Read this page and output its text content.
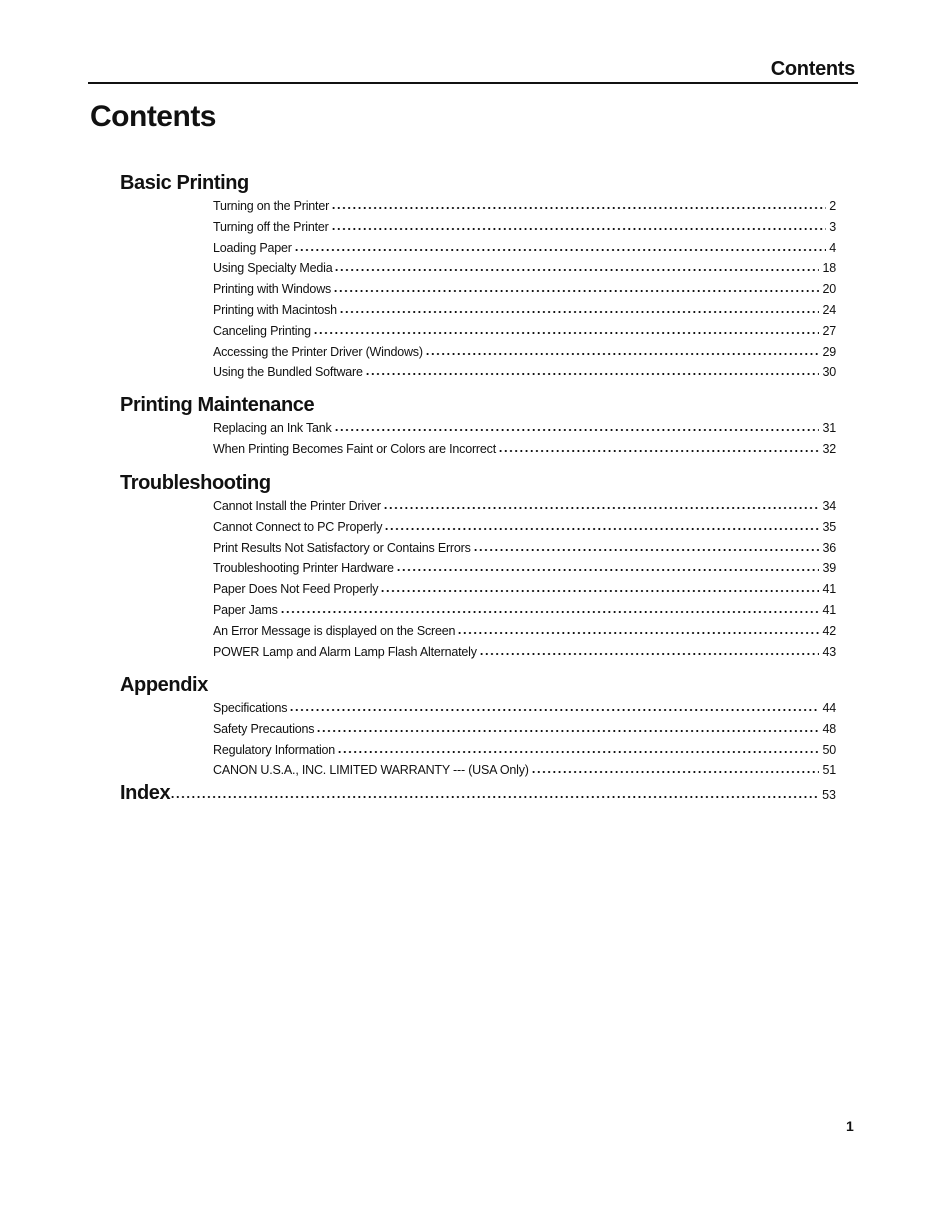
Contents
Contents
Basic Printing
Turning on the Printer	2
Turning off the Printer	3
Loading Paper	4
Using Specialty Media	18
Printing with Windows	20
Printing with Macintosh	24
Canceling Printing	27
Accessing the Printer Driver (Windows)	29
Using the Bundled Software	30
Printing Maintenance
Replacing an Ink Tank	31
When Printing Becomes Faint or Colors are Incorrect	32
Troubleshooting
Cannot Install the Printer Driver	34
Cannot Connect to PC Properly	35
Print Results Not Satisfactory or Contains Errors	36
Troubleshooting Printer Hardware	39
Paper Does Not Feed Properly	41
Paper Jams	41
An Error Message is displayed on the Screen	42
POWER Lamp and Alarm Lamp Flash Alternately	43
Appendix
Specifications	44
Safety Precautions	48
Regulatory Information	50
CANON U.S.A., INC. LIMITED WARRANTY --- (USA Only)	51
Index	53
1
